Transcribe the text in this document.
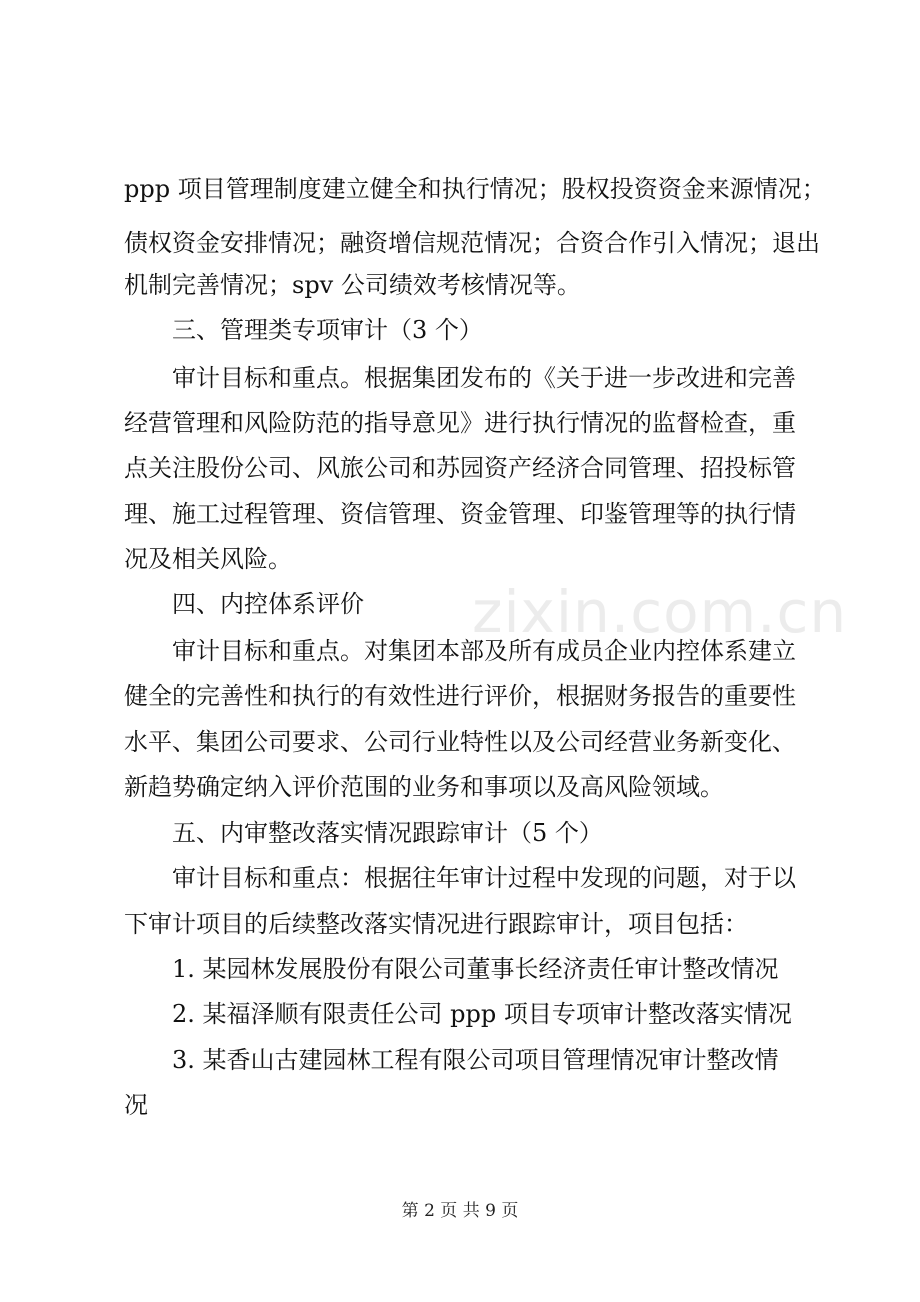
zixin.com.cn
ppp 项目管理制度建立健全和执行情况；股权投资资金来源情况；
债权资金安排情况；融资增信规范情况；合资合作引入情况；退出
机制完善情况；spv 公司绩效考核情况等。
三、管理类专项审计（3 个）
审计目标和重点。根据集团发布的《关于进一步改进和完善
经营管理和风险防范的指导意见》进行执行情况的监督检查，重
点关注股份公司、风旅公司和苏园资产经济合同管理、招投标管
理、施工过程管理、资信管理、资金管理、印鉴管理等的执行情
况及相关风险。
四、内控体系评价
审计目标和重点。对集团本部及所有成员企业内控体系建立
健全的完善性和执行的有效性进行评价，根据财务报告的重要性
水平、集团公司要求、公司行业特性以及公司经营业务新变化、
新趋势确定纳入评价范围的业务和事项以及高风险领域。
五、内审整改落实情况跟踪审计（5 个）
审计目标和重点：根据往年审计过程中发现的问题，对于以
下审计项目的后续整改落实情况进行跟踪审计，项目包括：
1. 某园林发展股份有限公司董事长经济责任审计整改情况
2. 某福泽顺有限责任公司 ppp 项目专项审计整改落实情况
3. 某香山古建园林工程有限公司项目管理情况审计整改情
况
第 2 页 共 9 页
